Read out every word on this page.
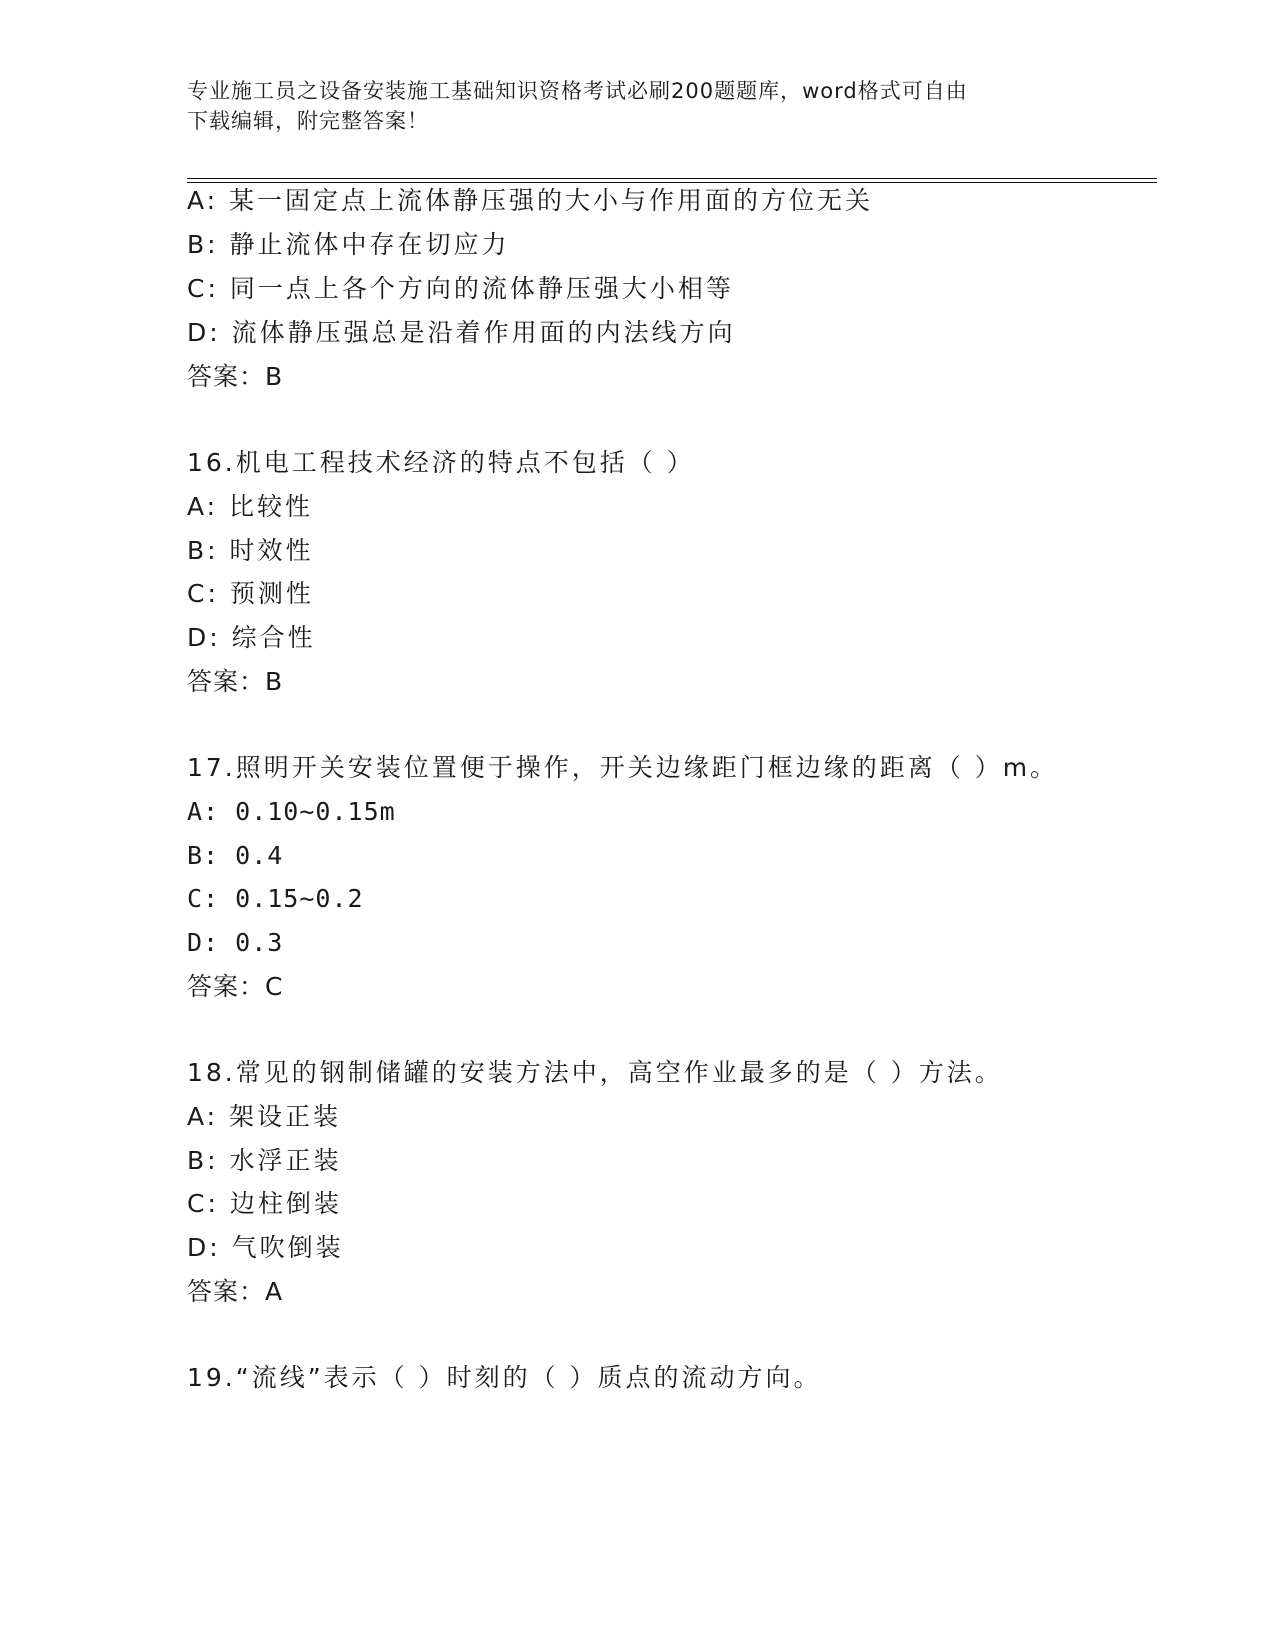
专业施工员之设备安装施工基础知识资格考试必刷200题题库，word格式可自由
下载编辑，附完整答案！
A: 某一固定点上流体静压强的大小与作用面的方位无关
B: 静止流体中存在切应力
C: 同一点上各个方向的流体静压强大小相等
D: 流体静压强总是沿着作用面的内法线方向
答案：B
16.机电工程技术经济的特点不包括（ ）
A: 比较性
B: 时效性
C: 预测性
D: 综合性
答案：B
17.照明开关安装位置便于操作，开关边缘距门框边缘的距离（ ）m。
A: 0.10~0.15m
B: 0.4
C: 0.15~0.2
D: 0.3
答案：C
18.常见的钢制储罐的安装方法中，高空作业最多的是（ ）方法。
A: 架设正装
B: 水浮正装
C: 边柱倒装
D: 气吹倒装
答案：A
19.“流线”表示（ ）时刻的（ ）质点的流动方向。
